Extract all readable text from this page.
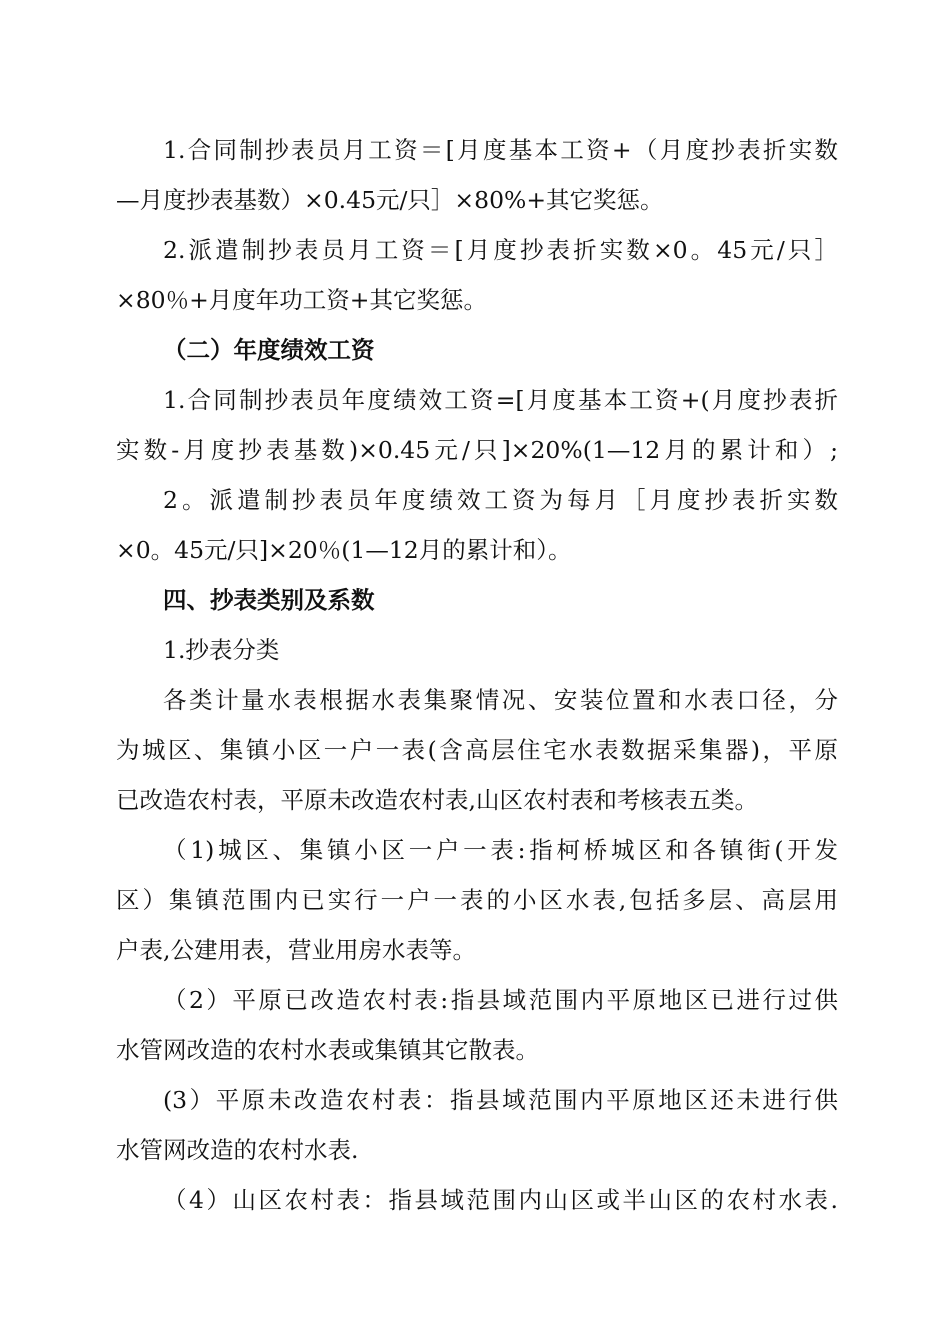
1.合同制抄表员月工资＝[月度基本工资+（月度抄表折实数
—月度抄表基数）×0.45元/只］×80%+其它奖惩。
2.派遣制抄表员月工资＝[月度抄表折实数×0。45元/只］
×80％+月度年功工资+其它奖惩。
（二）年度绩效工资
1.合同制抄表员年度绩效工资=[月度基本工资+(月度抄表折
实数-月度抄表基数)×0.45元/只]×20%(1—12月的累计和）;
2。派遣制抄表员年度绩效工资为每月［月度抄表折实数
×0。45元/只]×20％(1—12月的累计和）。
四、抄表类别及系数
1.抄表分类
各类计量水表根据水表集聚情况、安装位置和水表口径，分
为城区、集镇小区一户一表(含高层住宅水表数据采集器)，平原
已改造农村表，平原未改造农村表,山区农村表和考核表五类。
（1)城区、集镇小区一户一表:指柯桥城区和各镇街(开发
区）集镇范围内已实行一户一表的小区水表,包括多层、高层用
户表,公建用表，营业用房水表等。
（2）平原已改造农村表:指县域范围内平原地区已进行过供
水管网改造的农村水表或集镇其它散表。
(3）平原未改造农村表：指县域范围内平原地区还未进行供
水管网改造的农村水表.
（4）山区农村表：指县域范围内山区或半山区的农村水表.
